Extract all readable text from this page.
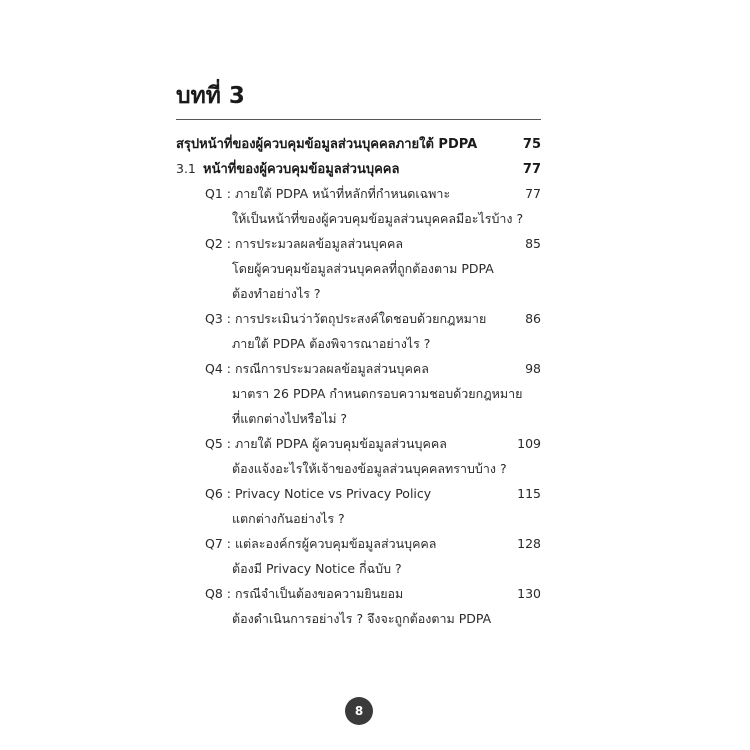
บทที่ 3
สรุปหน้าที่ของผู้ควบคุมข้อมูลส่วนบุคคลภายใต้ PDPA	75
3.1 หน้าที่ของผู้ควบคุมข้อมูลส่วนบุคคล	77
Q1 : ภายใต้ PDPA หน้าที่หลักที่กำหนดเฉพาะ
ให้เป็นหน้าที่ของผู้ควบคุมข้อมูลส่วนบุคคลมีอะไรบ้าง ?
77
Q2 : การประมวลผลข้อมูลส่วนบุคคล
โดยผู้ควบคุมข้อมูลส่วนบุคคลที่ถูกต้องตาม PDPA
ต้องทำอย่างไร ?
85
Q3 : การประเมินว่าวัตถุประสงค์ใดชอบด้วยกฎหมาย
ภายใต้ PDPA ต้องพิจารณาอย่างไร ?
86
Q4 : กรณีการประมวลผลข้อมูลส่วนบุคคล
มาตรา 26 PDPA กำหนดกรอบความชอบด้วยกฎหมาย
ที่แตกต่างไปหรือไม่ ?
98
Q5 : ภายใต้ PDPA ผู้ควบคุมข้อมูลส่วนบุคคล
ต้องแจ้งอะไรให้เจ้าของข้อมูลส่วนบุคคลทราบบ้าง ?
109
Q6 : Privacy Notice vs Privacy Policy
แตกต่างกันอย่างไร ?
115
Q7 : แต่ละองค์กรผู้ควบคุมข้อมูลส่วนบุคคล
ต้องมี Privacy Notice กี่ฉบับ ?
128
Q8 : กรณีจำเป็นต้องขอความยินยอม
ต้องดำเนินการอย่างไร ? จึงจะถูกต้องตาม PDPA
130
8
